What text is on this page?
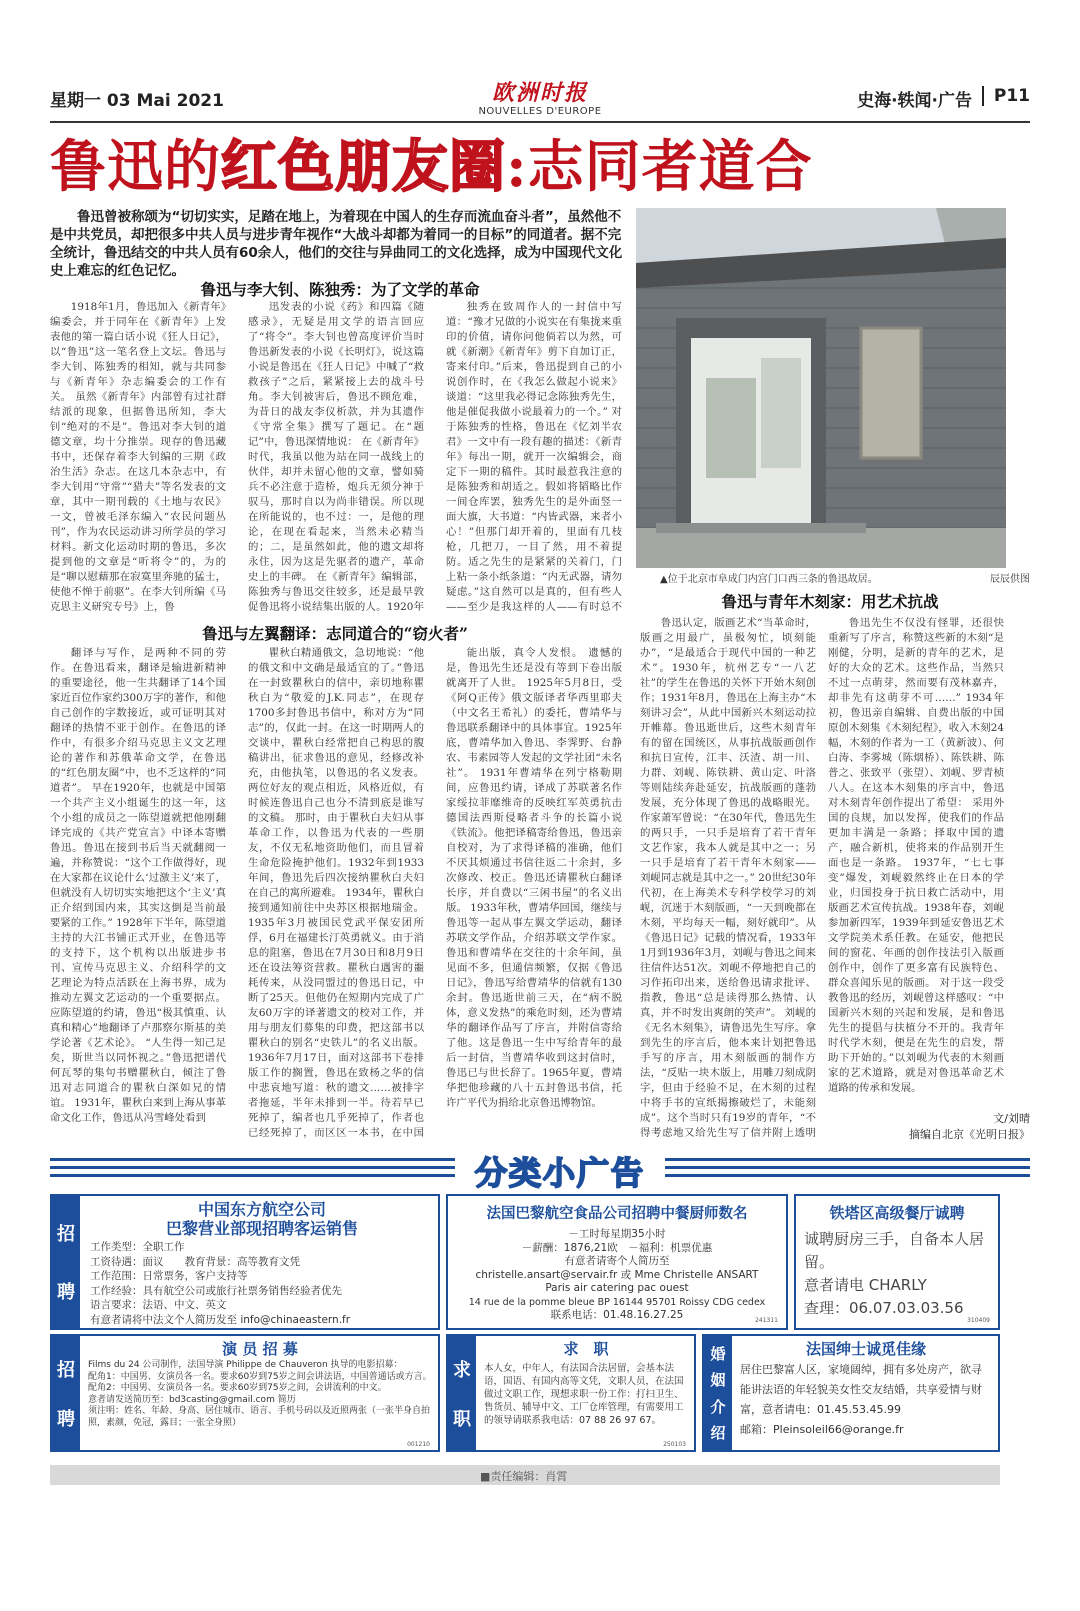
星期一 03 Mai 2021	欧洲时报
NOUVELLES D'EUROPE
史海·轶闻·广告	P11
鲁迅的红色朋友圈:志同者道合
鲁迅曾被称颂为“切切实实，足踏在地上，为着现在中国人的生存而流血奋斗者”，虽然他不是中共党员，却把很多中共人员与进步青年视作“大战斗却都为着同一的目标”的同道者。据不完全统计，鲁迅结交的中共人员有60余人，他们的交往与异曲同工的文化选择，成为中国现代文化史上难忘的红色记忆。
▲位于北京市阜成门内宫门口西三条的鲁迅故居。	辰辰供图
鲁迅与李大钊、陈独秀：为了文学的革命

1918年1月，鲁迅加入《新青年》编委会，并于同年在《新青年》上发表他的第一篇白话小说《狂人日记》，以“鲁迅”这一笔名登上文坛。鲁迅与李大钊、陈独秀的相知，就与共同参与《新青年》杂志编委会的工作有关。 虽然《新青年》内部曾有过社群结派的现象，但据鲁迅所知，李大钊“绝对的不是”。鲁迅对李大钊的道德文章，均十分推崇。现存的鲁迅藏书中，还保存着李大钊编的三期《政治生活》杂志。在这几本杂志中，有李大钊用“守常”“猎夫”等名发表的文章，其中一期刊载的《土地与农民》一文，曾被毛泽东编入“农民问题丛刊”，作为农民运动讲习所学员的学习材料。新文化运动时期的鲁迅，多次提到他的文章是“听将令”的，为的是“聊以慰藉那在寂寞里奔驰的猛士，使他不惮于前驱”。在李大钊所编《马克思主义研究专号》上，鲁

迅发表的小说《药》和四篇《随感录》，无疑是用文学的语言回应了“将令”。李大钊也曾高度评价当时鲁迅新发表的小说《长明灯》，说这篇小说是鲁迅在《狂人日记》中喊了“救救孩子”之后，紧紧接上去的战斗号角。李大钊被害后，鲁迅不顾危难，为昔日的战友李仪析款，并为其遗作《守常全集》撰写了题记。在“题记”中，鲁迅深情地说： 在《新青年》时代，我虽以他为站在同一战线上的伙伴，却并未留心他的文章，譬如骑兵不必注意于造桥，炮兵无须分神于驭马，那时自以为尚非错误。所以现在所能说的，也不过：一，是他的理论，在现在看起来，当然未必精当的；二，是虽然如此，他的遗文却将永住，因为这是先驱者的遗产，革命史上的丰碑。 在《新青年》编辑部，陈独秀与鲁迅交往较多，还是最早敦促鲁迅将小说结集出版的人。1920年

独秀在致周作人的一封信中写道：“豫才兄做的小说实在有集拢来重印的价值，请你问他倘若以为然，可就《新潮》《新青年》剪下自加订正，寄来付印。”后来，鲁迅提到自己的小说创作时，在《我怎么做起小说来》谈道：“这里我必得记念陈独秀先生，他是催促我做小说最着力的一个。” 对于陈独秀的性格，鲁迅在《忆刘半农君》一文中有一段有趣的描述：《新青年》每出一期，就开一次编辑会，商定下一期的稿件。其时最惹我注意的是陈独秀和胡适之。假如将韬略比作一间仓库罢，独秀先生的是外面竖一面大旗，大书道：“内皆武器，来者小心！”但那门却开着的，里面有几枝枪，几把刀，一目了然，用不着提防。适之先生的是紧紧的关着门，门上粘一条小纸条道：“内无武器，请勿疑虑。”这自然可以是真的，但有些人——至少是我这样的人——有时总不

鲁迅与左翼翻译：志同道合的“窃火者”

翻译与写作，是两种不同的劳作。在鲁迅看来，翻译是输进新精神的重要途径，他一生共翻译了14个国家近百位作家约300万字的著作，和他自己创作的字数接近，或可证明其对翻译的热情不亚于创作。在鲁迅的译作中，有很多介绍马克思主义文艺理论的著作和苏俄革命文学，在鲁迅的“红色朋友圈”中，也不乏这样的“同道者”。 早在1920年，也就是中国第一个共产主义小组诞生的这一年，这个小组的成员之一陈望道就把他刚翻译完成的《共产党宣言》中译本寄赠鲁迅。鲁迅在接到书后当天就翻阅一遍，并称赞说：“这个工作做得好，现在大家都在议论什么‘过激主义’来了，但就没有人切切实实地把这个‘主义’真正介绍到国内来，其实这倒是当前最要紧的工作。” 1928年下半年，陈望道主持的大江书铺正式开业，在鲁迅等的支持下，这个机构以出版进步书刊、宣传马克思主义、介绍科学的文艺理论为特点活跃在上海书界，成为推动左翼文艺运动的一个重要据点。应陈望道的约请，鲁迅“极其慎重、认真和精心”地翻译了卢那察尔斯基的美学论著《艺术论》。 “人生得一知己足矣，斯世当以同怀视之。”鲁迅把谱代何瓦琴的集句书赠瞿秋白，倾注了鲁迅对志同道合的瞿秋白深如兄的情谊。 1931年，瞿秋白来到上海从事革命文化工作，鲁迅从冯雪峰处看到

瞿秋白精通俄文，急切地说：“他的俄文和中文确是最适宜的了。”鲁迅在一封致瞿秋白的信中，亲切地称瞿秋白为“敬爱的J.K.同志”，在现存1700多封鲁迅书信中，称对方为“同志”的，仅此一封。在这一时期两人的交谈中，瞿秋白经常把自己构思的腹稿讲出，征求鲁迅的意见，经修改补充，由他执笔，以鲁迅的名义发表。两位好友的观点相近，风格近似，有时候连鲁迅自己也分不清到底是谁写的文稿。 那时，由于瞿秋白夫妇从事革命工作，以鲁迅为代表的一些朋友，不仅无私地资助他们，而且冒着生命危险掩护他们。1932年到1933年间，鲁迅先后四次接纳瞿秋白夫妇在自己的寓所避难。 1934年，瞿秋白接到通知前往中央苏区根据地瑞金。1935年3月被国民党武平保安团所俘，6月在福建长汀英勇就义。由于消息的阻塞，鲁迅在7月30日和8月9日还在设法筹资营救。瞿秋白遇害的噩耗传来，从没同盟过的鲁迅日记，中断了25天。但他仍在短期内完成了广友60万字的译著遗文的校对工作，并用与朋友们募集的印费，把这部书以瞿秋白的别名“史铁儿”的名义出版。1936年7月17日，面对这部书下卷排版工作的搁置，鲁迅在致杨之华的信中悲哀地写道：秋的遗文……被排字者拖延，半年未排到一半。待若早已死掉了，编者也几乎死掉了，作者也已经死掉了，而区区一本书，在中国

能出版，真令人发恨。 遗憾的是，鲁迅先生还是没有等到下卷出版就离开了人世。 1925年5月8日，受《阿Q正传》俄文版译者华西里耶夫（中文名王希礼）的委托，曹靖华与鲁迅联系翻译中的具体事宜。1925年底，曹靖华加入鲁迅、李霁野、台静农、韦素园等人发起的文学社团“未名社”。 1931年曹靖华在列宁格勒期间，应鲁迅约请，译成了苏联著名作家绥拉菲靡维奇的反映红军英勇抗击德国法西斯侵略者斗争的长篇小说《铁流》。他把译稿寄给鲁迅，鲁迅亲自校对，为了求得译稿的准确，他们不厌其烦通过书信往返二十余封，多次修改、校正。鲁迅还请瞿秋白翻译长序，并自费以“三闲书屋”的名义出版。 1933年秋，曹靖华回国，继续与鲁迅等一起从事左翼文学运动，翻译苏联文学作品，介绍苏联文学作家。 鲁迅和曹靖华在交往的十余年间，虽见面不多，但通信频繁，仅据《鲁迅日记》，鲁迅写给曹靖华的信就有130余封。鲁迅逝世前三天，在“病不脱体，意义发热”的乘危时刻，还为曹靖华的翻译作品写了序言，并附信寄给了他。这是鲁迅一生中写给青年的最后一封信，当曹靖华收到这封信时，鲁迅已与世长辞了。1965年夏，曹靖华把他珍藏的八十五封鲁迅书信，托许广平代为捐给北京鲁迅博物馆。

鲁迅与青年木刻家：用艺术抗战

鲁迅认定，版画艺术“当革命时，版画之用最广，虽极匆忙，顷刻能办”，“是最适合于现代中国的一种艺术”。1930年，杭州艺专“一八艺社”的学生在鲁迅的关怀下开始木刻创作；1931年8月，鲁迅在上海主办“木刻讲习会”，从此中国新兴木刻运动拉开帷幕。鲁迅逝世后，这些木刻青年有的留在国统区，从事抗战版画创作和抗日宣传，江丰、沃渣、胡一川、力群、刘岘、陈铁耕、黄山定、叶洛等则陆续奔赴延安，抗战版画的蓬勃发展，充分体现了鲁迅的战略眼光。 作家萧军曾说：“在30年代，鲁迅先生的两只手，一只手是培育了若干青年文艺作家，我本人就是其中之一；另一只手是培育了若干青年木刻家——刘岘同志就是其中之一。” 20世纪30年代初，在上海美术专科学校学习的刘岘，沉迷于木刻版画，“一天到晚都在木刻，平均每天一幅，刻好就印”。从《鲁迅日记》记载的情况看，1933年1月到1936年3月，刘岘与鲁迅之间来往信件达51次。刘岘不停地把自己的习作拓印出来，送给鲁迅请求批评、指教，鲁迅“总是读得那么热情、认真，并不时发出爽朗的笑声”。 刘岘的《无名木刻集》，请鲁迅先生写序。拿到先生的序言后，他本来计划把鲁迅手写的序言，用木刻版画的制作方法，“反贴一块木版上，用雕刀刻成阴字，但由于经验不足，在木刻的过程中将手书的宣纸揭擦破烂了，未能刻成”。这个当时只有19岁的青年，“不得考虑地又给先生写了信并附上透明

鲁迅先生不仅没有怪罪，还很快重新写了序言，称赞这些新的木刻“是刚健，分明，是新的青年的艺术，是好的大众的艺术。这些作品，当然只不过一点萌芽，然而要有茂林嘉卉，却非先有这萌芽不可……” 1934年初，鲁迅亲自编辑、自费出版的中国原创木刻集《木刻纪程》，收入木刻24幅，木刻的作者为一工（黄新波）、何白涛、李雾城（陈烟桥）、陈铁耕、陈普之、张致平（张望）、刘岘、罗青桢八人。在这本木刻集的序言中，鲁迅对木刻青年创作提出了希望： 采用外国的良规，加以发挥，使我们的作品更加丰满是一条路；择取中国的遗产，融合新机，使将来的作品别开生面也是一条路。 1937年，“七七事变”爆发，刘岘毅然终止在日本的学业，归国投身于抗日救亡活动中，用版画艺术宣传抗战。1938年春，刘岘参加新四军，1939年到延安鲁迅艺术文学院美术系任教。在延安，他把民间的窗花、年画的创作技法引入版画创作中，创作了更多富有民族特色、群众喜闻乐见的版画。 对于这一段受教鲁迅的经历，刘岘曾这样感叹：“中国新兴木刻的兴起和发展，是和鲁迅先生的提倡与扶植分不开的。我青年时代学木刻，便是在先生的启发，帮助下开始的。”以刘岘为代表的木刻画家的艺术道路，就是对鲁迅革命艺术道路的传承和发展。

文/刘晴
摘编自北京《光明日报》
分类小广告
招
聘
中国东方航空公司
巴黎营业部现招聘客运销售
工作类型：全职工作
工资待遇：面议　　教育背景：高等教育文凭
工作范围：日常票务，客户支持等
工作经验：具有航空公司或旅行社票务销售经验者优先
语言要求：法语、中文、英文
有意者请将中法文个人简历发至 info@chinaeastern.fr
法国巴黎航空食品公司招聘中餐厨师数名
－工时每星期35小时
－薪酬：1876,21欧　－福利：机票优惠
有意者请寄个人简历至
christelle.ansart@servair.fr 或 Mme Christelle ANSART
Paris air catering pac ouest
14 rue de la pomme bleue BP 16144 95701 Roissy CDG cedex
联系电话：01.48.16.27.25	241311
铁塔区高级餐厅诚聘
诚聘厨房三手，自备本人居留。
意者请电 CHARLY
查理：06.07.03.03.56
310409
招
聘
演 员 招 募
Films du 24 公司制作，法国导演 Philippe de Chauveron 执导的电影招募：
配角1：中国男、女演员各一名。要求60岁到75岁之间会讲法语，中国普通话或方言。
配角2：中国男、女演员各一名。要求60岁到75岁之间，会讲流利的中文。
意者请发送简历至：bd3casting@gmail.com 简历
须注明：姓名、年龄、身高、居住城市、语言、手机号码以及近照两张（一张半身自拍照，素颜，免冠，露目；一张全身照）
001210
求
职
求　职
本人女，中年人，有法国合法居留，会基本法语，国语、有国内高等文凭，文职人员，在法国做过文职工作，现想求职一份工作：打扫卫生、售货员、辅导中文、工厂仓库管理，有需要用工的领导请联系我电话：07 88 26 97 67。
250103
婚
姻
介
绍
法国绅士诚觅佳缘
居住巴黎富人区，家境阔绰，拥有多处房产，欲寻能讲法语的年轻貌美女性交友结婚，共享爱情与财富，意者请电：01.45.53.45.99
邮箱：Pleinsoleil66@orange.fr
■责任编辑：肖霄
